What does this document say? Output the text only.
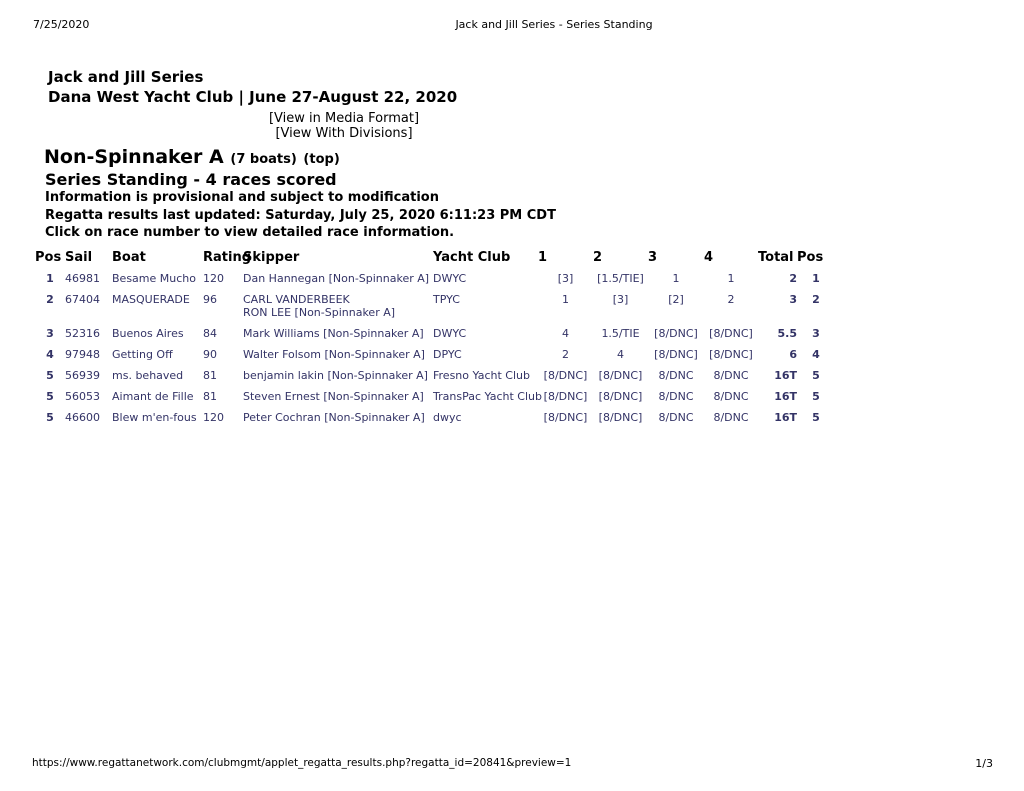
7/25/2020	Jack and Jill Series - Series Standing
Jack and Jill Series
Dana West Yacht Club | June 27-August 22, 2020
[View in Media Format]
[View With Divisions]
Non-Spinnaker A (7 boats) (top)
Series Standing - 4 races scored
Information is provisional and subject to modification
Regatta results last updated: Saturday, July 25, 2020 6:11:23 PM CDT
Click on race number to view detailed race information.
Pos	Sail	Boat	Rating	Skipper	Yacht Club	1	2	3	4	Total	Pos
1	46981	Besame Mucho	120	Dan Hannegan [Non-Spinnaker A]	DWYC	[3]	[1.5/TIE]	1	1	2	1
2	67404	MASQUERADE	96	CARL VANDERBEEK
RON LEE [Non-Spinnaker A]	TPYC	1	[3]	[2]	2	3	2
3	52316	Buenos Aires	84	Mark Williams [Non-Spinnaker A]	DWYC	4	1.5/TIE	[8/DNC]	[8/DNC]	5.5	3
4	97948	Getting Off	90	Walter Folsom [Non-Spinnaker A]	DPYC	2	4	[8/DNC]	[8/DNC]	6	4
5	56939	ms. behaved	81	benjamin lakin [Non-Spinnaker A]	Fresno Yacht Club	[8/DNC]	[8/DNC]	8/DNC	8/DNC	16T	5
5	56053	Aimant de Fille	81	Steven Ernest [Non-Spinnaker A]	TransPac Yacht Club	[8/DNC]	[8/DNC]	8/DNC	8/DNC	16T	5
5	46600	Blew m'en-fous	120	Peter Cochran [Non-Spinnaker A]	dwyc	[8/DNC]	[8/DNC]	8/DNC	8/DNC	16T	5
https://www.regattanetwork.com/clubmgmt/applet_regatta_results.php?regatta_id=20841&preview=1	1/3
